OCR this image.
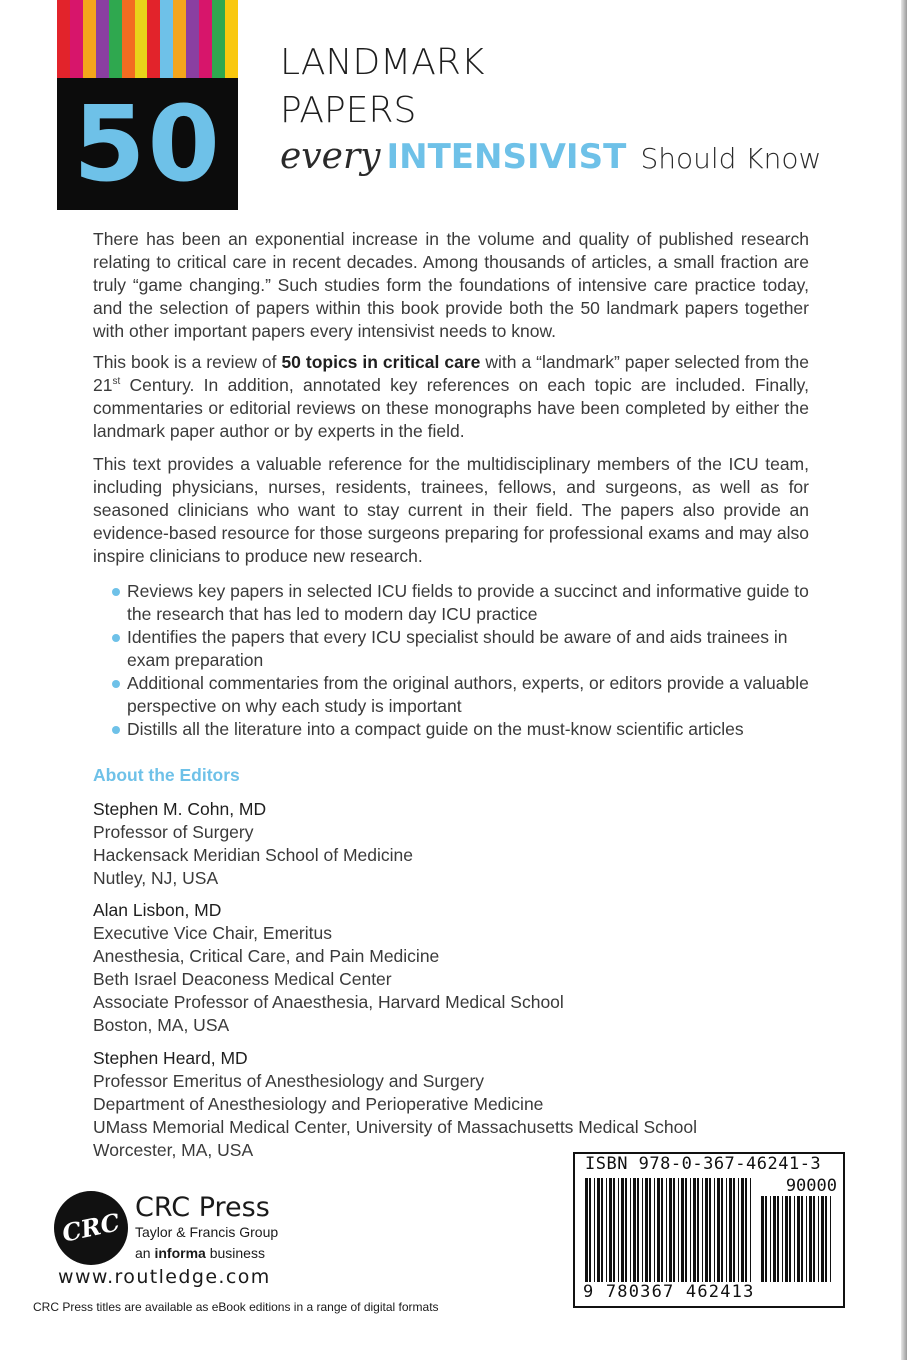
50
LANDMARK
PAPERS
every INTENSIVIST Should Know

There has been an exponential increase in the volume and quality of published research relating to critical care in recent decades. Among thousands of articles, a small fraction are truly “game changing.” Such studies form the foundations of intensive care practice today, and the selection of papers within this book provide both the 50 landmark papers together with other important papers every intensivist needs to know.

This book is a review of 50 topics in critical care with a “landmark” paper selected from the 21st Century. In addition, annotated key references on each topic are included. Finally, commentaries or editorial reviews on these monographs have been completed by either the landmark paper author or by experts in the field.

This text provides a valuable reference for the multidisciplinary members of the ICU team, including physicians, nurses, residents, trainees, fellows, and surgeons, as well as for seasoned clinicians who want to stay current in their field. The papers also provide an evidence-based resource for those surgeons preparing for professional exams and may also inspire clinicians to produce new research.

Reviews key papers in selected ICU fields to provide a succinct and informative guide to the research that has led to modern day ICU practice
Identifies the papers that every ICU specialist should be aware of and aids trainees in exam preparation
Additional commentaries from the original authors, experts, or editors provide a valuable perspective on why each study is important
Distills all the literature into a compact guide on the must-know scientific articles
About the Editors
Stephen M. Cohn, MD
Professor of Surgery
Hackensack Meridian School of Medicine
Nutley, NJ, USA
Alan Lisbon, MD
Executive Vice Chair, Emeritus
Anesthesia, Critical Care, and Pain Medicine
Beth Israel Deaconess Medical Center
Associate Professor of Anaesthesia, Harvard Medical School
Boston, MA, USA
Stephen Heard, MD
Professor Emeritus of Anesthesiology and Surgery
Department of Anesthesiology and Perioperative Medicine
UMass Memorial Medical Center, University of Massachusetts Medical School
Worcester, MA, USA
CRC CRC Press
Taylor & Francis Group
an informa business
www.routledge.com
CRC Press titles are available as eBook editions in a range of digital formats
ISBN 978-0-367-46241-3
90000
9 780367 462413
